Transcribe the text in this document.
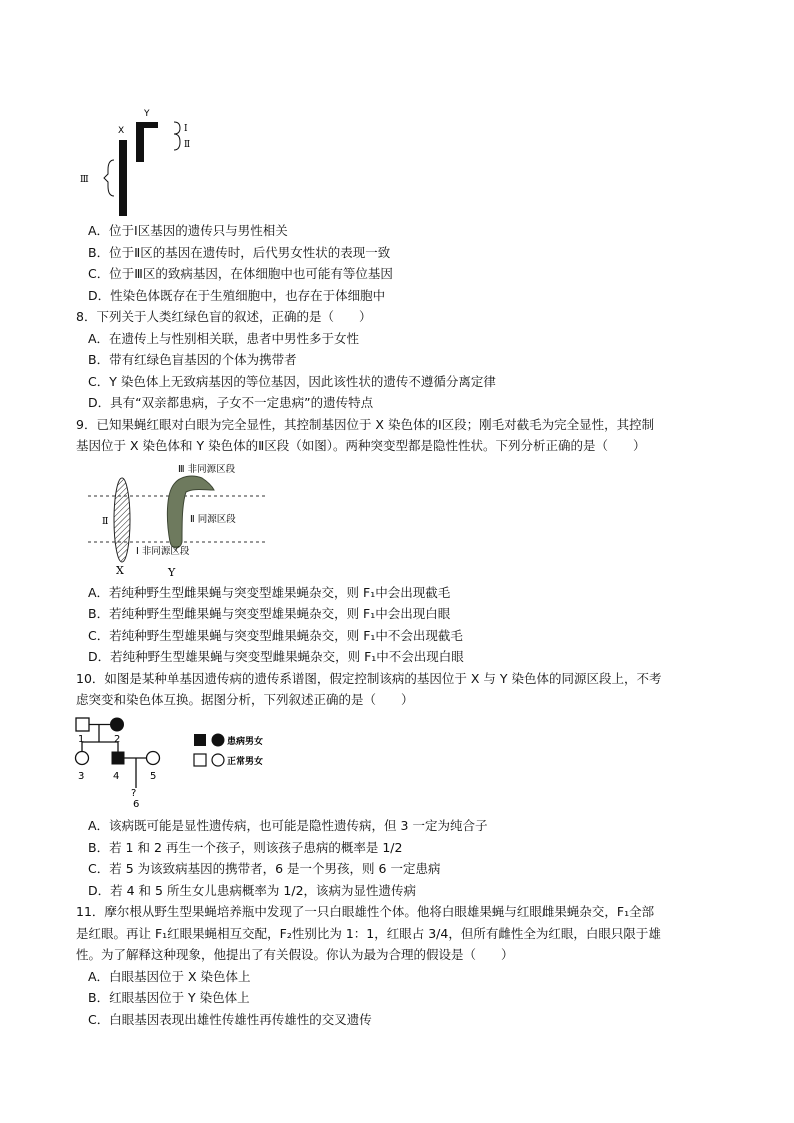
Y
X	Ⅰ
Ⅱ
Ⅲ
A．位于Ⅰ区基因的遗传只与男性相关
B．位于Ⅱ区的基因在遗传时，后代男女性状的表现一致
C．位于Ⅲ区的致病基因，在体细胞中也可能有等位基因
D．性染色体既存在于生殖细胞中，也存在于体细胞中
8．下列关于人类红绿色盲的叙述，正确的是（　　）
A．在遗传上与性别相关联，患者中男性多于女性
B．带有红绿色盲基因的个体为携带者
C．Y 染色体上无致病基因的等位基因，因此该性状的遗传不遵循分离定律
D．具有“双亲都患病，子女不一定患病”的遗传特点
9．已知果蝇红眼对白眼为完全显性，其控制基因位于 X 染色体的Ⅰ区段；刚毛对截毛为完全显性，其控制
基因位于 X 染色体和 Y 染色体的Ⅱ区段（如图）。两种突变型都是隐性性状。下列分析正确的是（　　）
Ⅲ 非同源区段
Ⅱ 同源区段
Ⅱ
Ⅰ 非同源区段
X	Y
A．若纯种野生型雌果蝇与突变型雄果蝇杂交，则 F₁中会出现截毛
B．若纯种野生型雌果蝇与突变型雄果蝇杂交，则 F₁中会出现白眼
C．若纯种野生型雄果蝇与突变型雌果蝇杂交，则 F₁中不会出现截毛
D．若纯种野生型雄果蝇与突变型雌果蝇杂交，则 F₁中不会出现白眼
10．如图是某种单基因遗传病的遗传系谱图，假定控制该病的基因位于 X 与 Y 染色体的同源区段上，不考
虑突变和染色体互换。据图分析，下列叙述正确的是（　　）
1	2
3	4	5
?
6
患病男女
正常男女
A．该病既可能是显性遗传病，也可能是隐性遗传病，但 3 一定为纯合子
B．若 1 和 2 再生一个孩子，则该孩子患病的概率是 1/2
C．若 5 为该致病基因的携带者，6 是一个男孩，则 6 一定患病
D．若 4 和 5 所生女儿患病概率为 1/2，该病为显性遗传病
11．摩尔根从野生型果蝇培养瓶中发现了一只白眼雄性个体。他将白眼雄果蝇与红眼雌果蝇杂交，F₁全部
是红眼。再让 F₁红眼果蝇相互交配，F₂性别比为 1：1，红眼占 3/4，但所有雌性全为红眼，白眼只限于雄
性。为了解释这种现象，他提出了有关假设。你认为最为合理的假设是（　　）
A．白眼基因位于 X 染色体上
B．红眼基因位于 Y 染色体上
C．白眼基因表现出雄性传雄性再传雄性的交叉遗传
